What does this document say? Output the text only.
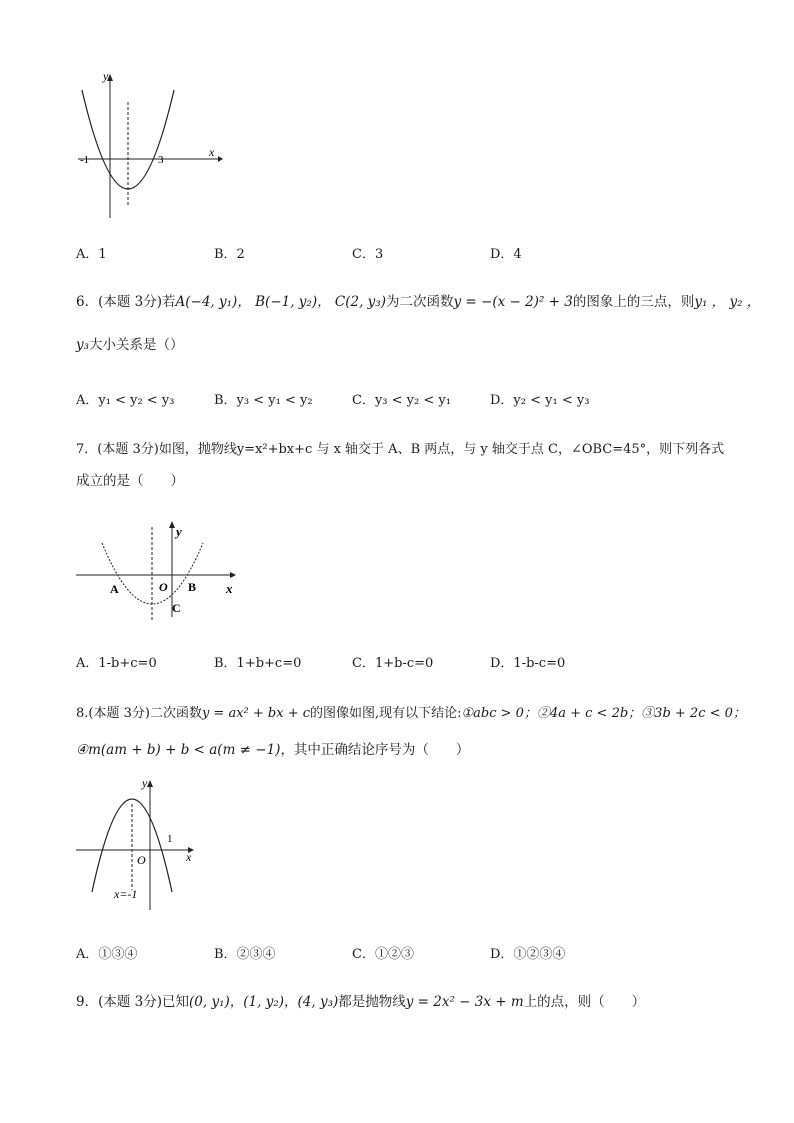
y
x
-1	3
A．1	B．2	C．3	D．4
6．(本题 3分)若A(−4, y₁)， B(−1, y₂)， C(2, y₃)为二次函数y = −(x − 2)² + 3的图象上的三点，则y₁ ， y₂ ，
y₃大小关系是（）
A．y₁ < y₂ < y₃	B．y₃ < y₁ < y₂	C．y₃ < y₂ < y₁	D．y₂ < y₁ < y₃
7．(本题 3分)如图，抛物线y=x²+bx+c 与 x 轴交于 A、B 两点，与 y 轴交于点 C，∠OBC=45°，则下列各式
成立的是（　　）
y
x
A	O B
C
A．1-b+c=0	B．1+b+c=0	C．1+b-c=0	D．1-b-c=0
8.(本题 3分)二次函数y = ax² + bx + c的图像如图,现有以下结论:①abc > 0；②4a + c < 2b；③3b + 2c < 0；
④m(am + b) + b < a(m ≠ −1)，其中正确结论序号为（　　）
y
x
1
O
x=-1
A．①③④	B．②③④	C．①②③	D．①②③④
9．(本题 3分)已知(0, y₁)，(1, y₂)，(4, y₃)都是抛物线y = 2x² − 3x + m上的点，则（　　）
